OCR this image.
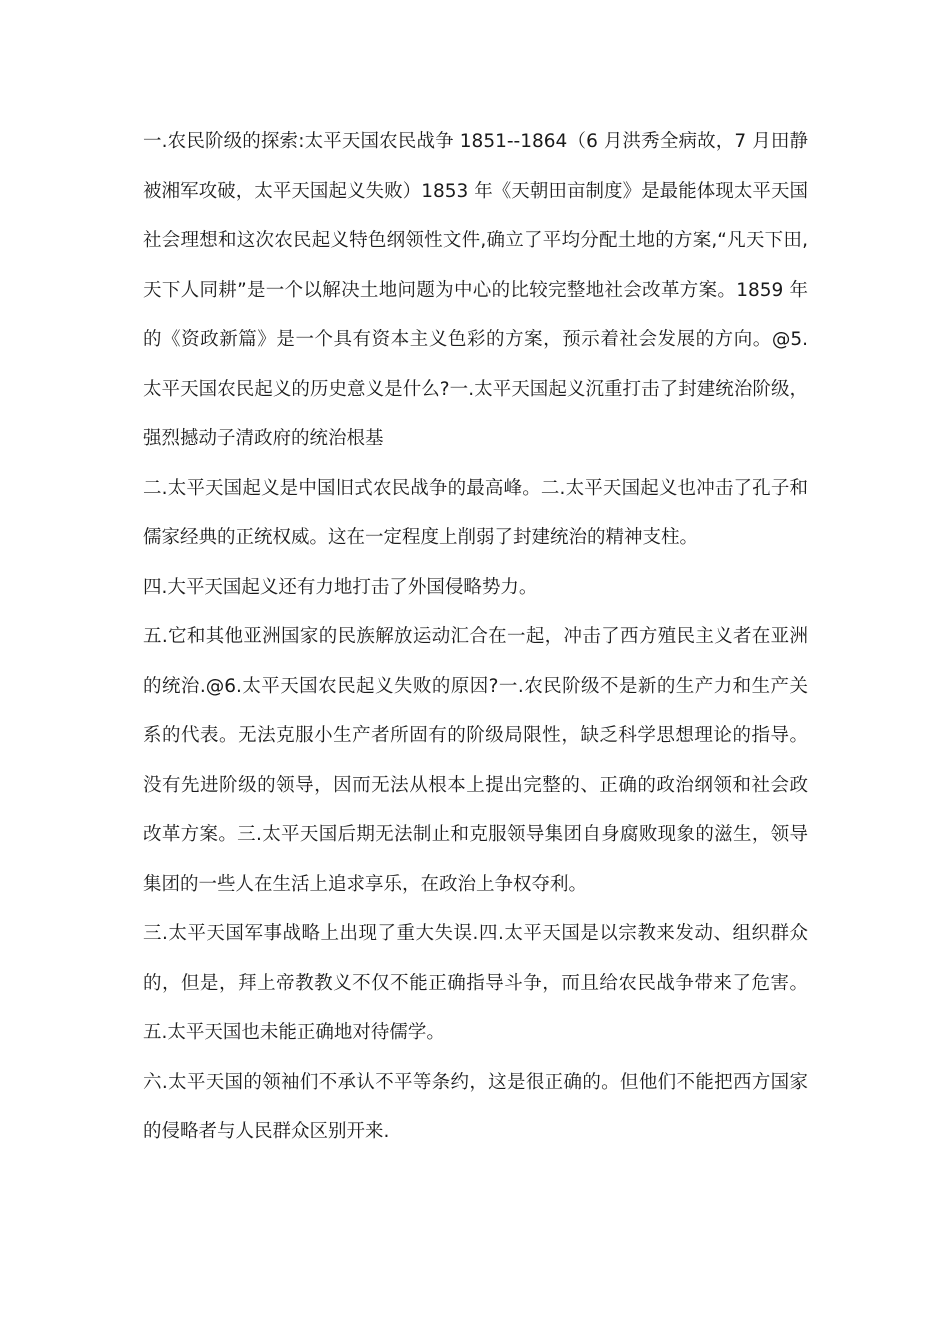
一.农民阶级的探索:太平天国农民战争 1851--1864（6 月洪秀全病故，7 月田静被湘军攻破，太平天国起义失败）1853 年《天朝田亩制度》是最能体现太平天国社会理想和这次农民起义特色纲领性文件,确立了平均分配土地的方案,“凡天下田,天下人同耕”是一个以解决土地问题为中心的比较完整地社会改革方案。1859 年的《资政新篇》是一个具有资本主义色彩的方案，预示着社会发展的方向。@5.太平天国农民起义的历史意义是什么?一.太平天国起义沉重打击了封建统治阶级，强烈撼动子清政府的统治根基

二.太平天国起义是中国旧式农民战争的最高峰。二.太平天国起义也冲击了孔子和儒家经典的正统权威。这在一定程度上削弱了封建统治的精神支柱。

四.大平天国起义还有力地打击了外国侵略势力。

五.它和其他亚洲国家的民族解放运动汇合在一起，冲击了西方殖民主义者在亚洲的统治.@6.太平天国农民起义失败的原因?一.农民阶级不是新的生产力和生产关系的代表。无法克服小生产者所固有的阶级局限性，缺乏科学思想理论的指导。没有先进阶级的领导，因而无法从根本上提出完整的、正确的政治纲领和社会政改革方案。三.太平天国后期无法制止和克服领导集团自身腐败现象的滋生，领导集团的一些人在生活上追求享乐，在政治上争权夺利。

三.太平天国军事战略上出现了重大失误.四.太平天国是以宗教来发动、组织群众的，但是，拜上帝教教义不仅不能正确指导斗争，而且给农民战争带来了危害。五.太平天国也未能正确地对待儒学。

六.太平天国的领袖们不承认不平等条约，这是很正确的。但他们不能把西方国家的侵略者与人民群众区别开来.
